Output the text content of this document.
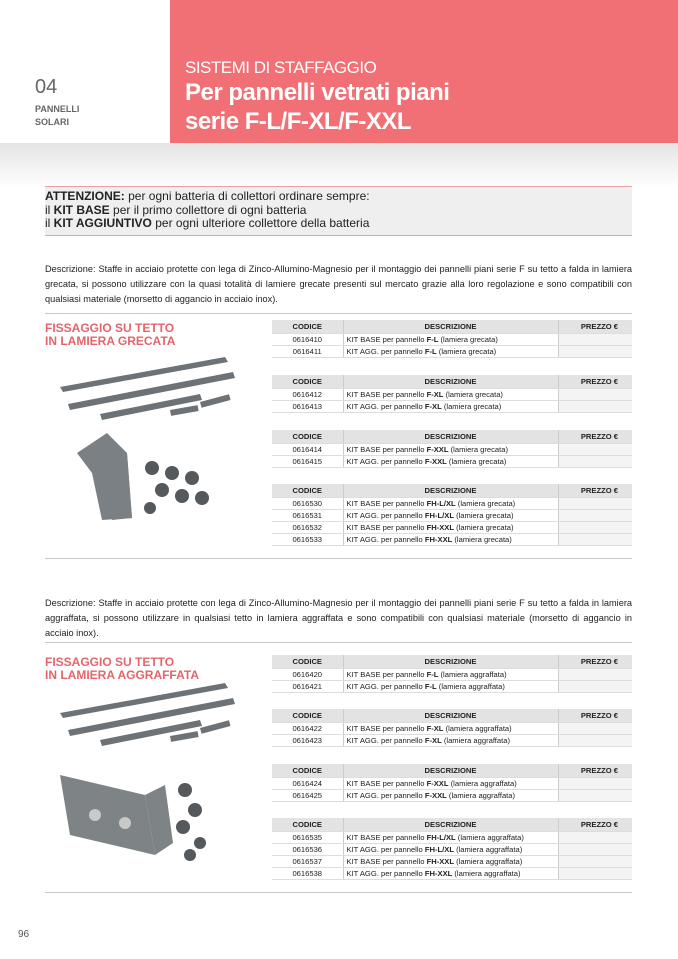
04
PANNELLI
SOLARI
SISTEMI DI STAFFAGGIO
Per pannelli vetrati piani
serie F-L/F-XL/F-XXL
ATTENZIONE: per ogni batteria di collettori ordinare sempre:
il KIT BASE per il primo collettore di ogni batteria
il KIT AGGIUNTIVO per ogni ulteriore collettore della batteria
Descrizione: Staffe in acciaio protette con lega di Zinco-Allumino-Magnesio per il montaggio dei pannelli piani serie F su tetto a falda in lamiera grecata, si possono utilizzare con la quasi totalità di lamiere grecate presenti sul mercato grazie alla loro regolazione e sono compatibili con qualsiasi materiale (morsetto di aggancio in acciaio inox).
FISSAGGIO SU TETTO
IN LAMIERA GRECATA
CODICE	DESCRIZIONE	PREZZO €
0616410	KIT BASE per pannello F-L (lamiera grecata)	
0616411	KIT AGG. per pannello F-L (lamiera grecata)	
CODICE	DESCRIZIONE	PREZZO €
0616412	KIT BASE per pannello F-XL (lamiera grecata)	
0616413	KIT AGG. per pannello F-XL (lamiera grecata)	
CODICE	DESCRIZIONE	PREZZO €
0616414	KIT BASE per pannello F-XXL (lamiera grecata)	
0616415	KIT AGG. per pannello F-XXL (lamiera grecata)	
CODICE	DESCRIZIONE	PREZZO €
0616530	KIT BASE per pannello FH-L/XL (lamiera grecata)	
0616531	KIT AGG. per pannello FH-L/XL (lamiera grecata)	
0616532	KIT BASE per pannello FH-XXL (lamiera grecata)	
0616533	KIT AGG. per pannello FH-XXL (lamiera grecata)	
Descrizione: Staffe in acciaio protette con lega di Zinco-Allumino-Magnesio per il montaggio dei pannelli piani serie F su tetto a falda in lamiera aggraffata, si possono utilizzare in qualsiasi tetto in lamiera aggraffata e sono compatibili con qualsiasi materiale (morsetto di aggancio in acciaio inox).
FISSAGGIO SU TETTO
IN LAMIERA AGGRAFFATA
CODICE	DESCRIZIONE	PREZZO €
0616420	KIT BASE per pannello F-L (lamiera aggraffata)	
0616421	KIT AGG. per pannello F-L (lamiera aggraffata)	
CODICE	DESCRIZIONE	PREZZO €
0616422	KIT BASE per pannello F-XL (lamiera aggraffata)	
0616423	KIT AGG. per pannello F-XL (lamiera aggraffata)	
CODICE	DESCRIZIONE	PREZZO €
0616424	KIT BASE per pannello F-XXL (lamiera aggraffata)	
0616425	KIT AGG. per pannello F-XXL (lamiera aggraffata)	
CODICE	DESCRIZIONE	PREZZO €
0616535	KIT BASE per pannello FH-L/XL (lamiera aggraffata)	
0616536	KIT AGG. per pannello FH-L/XL (lamiera aggraffata)	
0616537	KIT BASE per pannello FH-XXL (lamiera aggraffata)	
0616538	KIT AGG. per pannello FH-XXL (lamiera aggraffata)	
96
